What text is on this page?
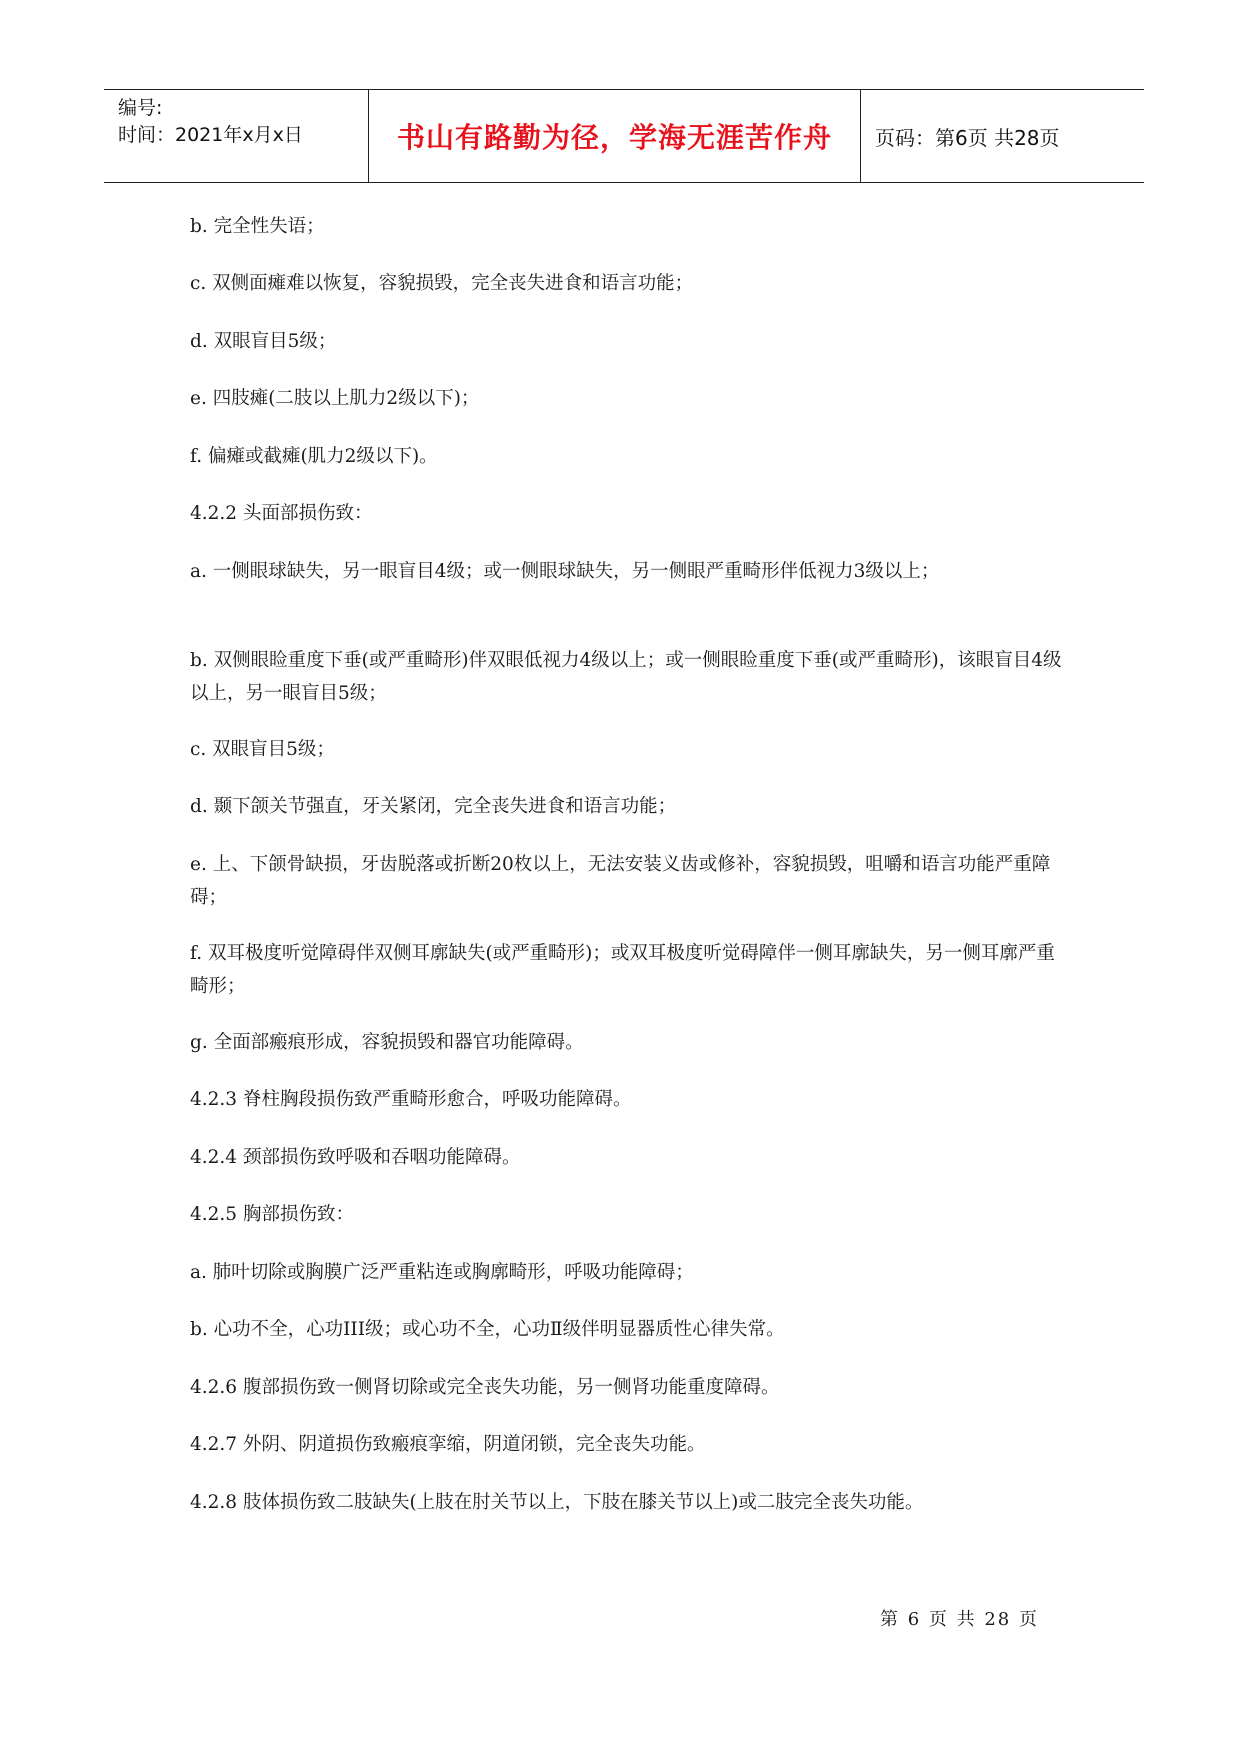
编号:
时间：2021年x月x日	书山有路勤为径，学海无涯苦作舟 页码：第6页 共28页
b. 完全性失语；
c. 双侧面瘫难以恢复，容貌损毁，完全丧失进食和语言功能；
d. 双眼盲目5级；
e. 四肢瘫(二肢以上肌力2级以下)；
f. 偏瘫或截瘫(肌力2级以下)。
4.2.2 头面部损伤致：
a. 一侧眼球缺失，另一眼盲目4级；或一侧眼球缺失，另一侧眼严重畸形伴低视力3级以上；
b. 双侧眼睑重度下垂(或严重畸形)伴双眼低视力4级以上；或一侧眼睑重度下垂(或严重畸形)，该眼盲目4级以上，另一眼盲目5级；
c. 双眼盲目5级；
d. 颞下颌关节强直，牙关紧闭，完全丧失进食和语言功能；
e. 上、下颌骨缺损，牙齿脱落或折断20枚以上，无法安装义齿或修补，容貌损毁，咀嚼和语言功能严重障碍；
f. 双耳极度听觉障碍伴双侧耳廓缺失(或严重畸形)；或双耳极度听觉碍障伴一侧耳廓缺失，另一侧耳廓严重畸形；
g. 全面部瘢痕形成，容貌损毁和器官功能障碍。
4.2.3 脊柱胸段损伤致严重畸形愈合，呼吸功能障碍。
4.2.4 颈部损伤致呼吸和吞咽功能障碍。
4.2.5 胸部损伤致：
a. 肺叶切除或胸膜广泛严重粘连或胸廓畸形，呼吸功能障碍；
b. 心功不全，心功III级；或心功不全，心功Ⅱ级伴明显器质性心律失常。
4.2.6 腹部损伤致一侧肾切除或完全丧失功能，另一侧肾功能重度障碍。
4.2.7 外阴、阴道损伤致瘢痕挛缩，阴道闭锁，完全丧失功能。
4.2.8 肢体损伤致二肢缺失(上肢在肘关节以上，下肢在膝关节以上)或二肢完全丧失功能。
第 6 页 共 28 页
